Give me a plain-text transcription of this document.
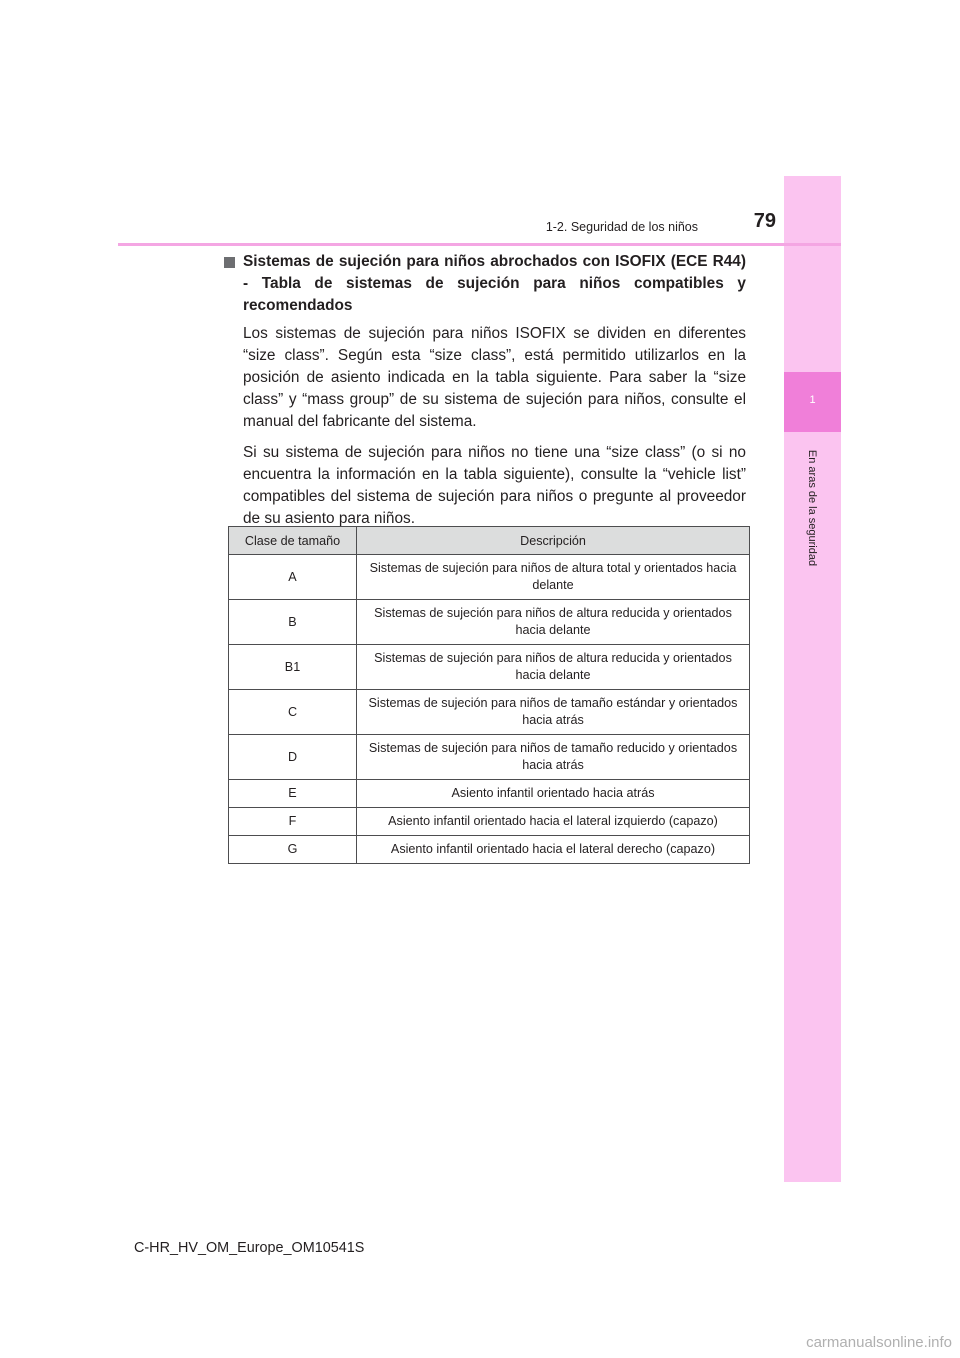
1
En aras de la seguridad
1-2. Seguridad de los niños	79

Sistemas de sujeción para niños abrochados con ISOFIX (ECE R44) - Tabla de sistemas de sujeción para niños compatibles y recomendados

Los sistemas de sujeción para niños ISOFIX se dividen en diferentes “size class”. Según esta “size class”, está permitido utilizarlos en la posición de asiento indicada en la tabla siguiente. Para saber la “size class” y “mass group” de su sistema de sujeción para niños, consulte el manual del fabricante del sistema.

Si su sistema de sujeción para niños no tiene una “size class” (o si no encuentra la información en la tabla siguiente), consulte la “vehicle list” compatibles del sistema de sujeción para niños o pregunte al proveedor de su asiento para niños.

Clase de tamaño	Descripción
A	Sistemas de sujeción para niños de altura total y orientados hacia delante
B	Sistemas de sujeción para niños de altura reducida y orientados hacia delante
B1	Sistemas de sujeción para niños de altura reducida y orientados hacia delante
C	Sistemas de sujeción para niños de tamaño estándar y orientados hacia atrás
D	Sistemas de sujeción para niños de tamaño reducido y orientados hacia atrás
E	Asiento infantil orientado hacia atrás
F	Asiento infantil orientado hacia el lateral izquierdo (capazo)
G	Asiento infantil orientado hacia el lateral derecho (capazo)
C-HR_HV_OM_Europe_OM10541S
carmanualsonline.info
